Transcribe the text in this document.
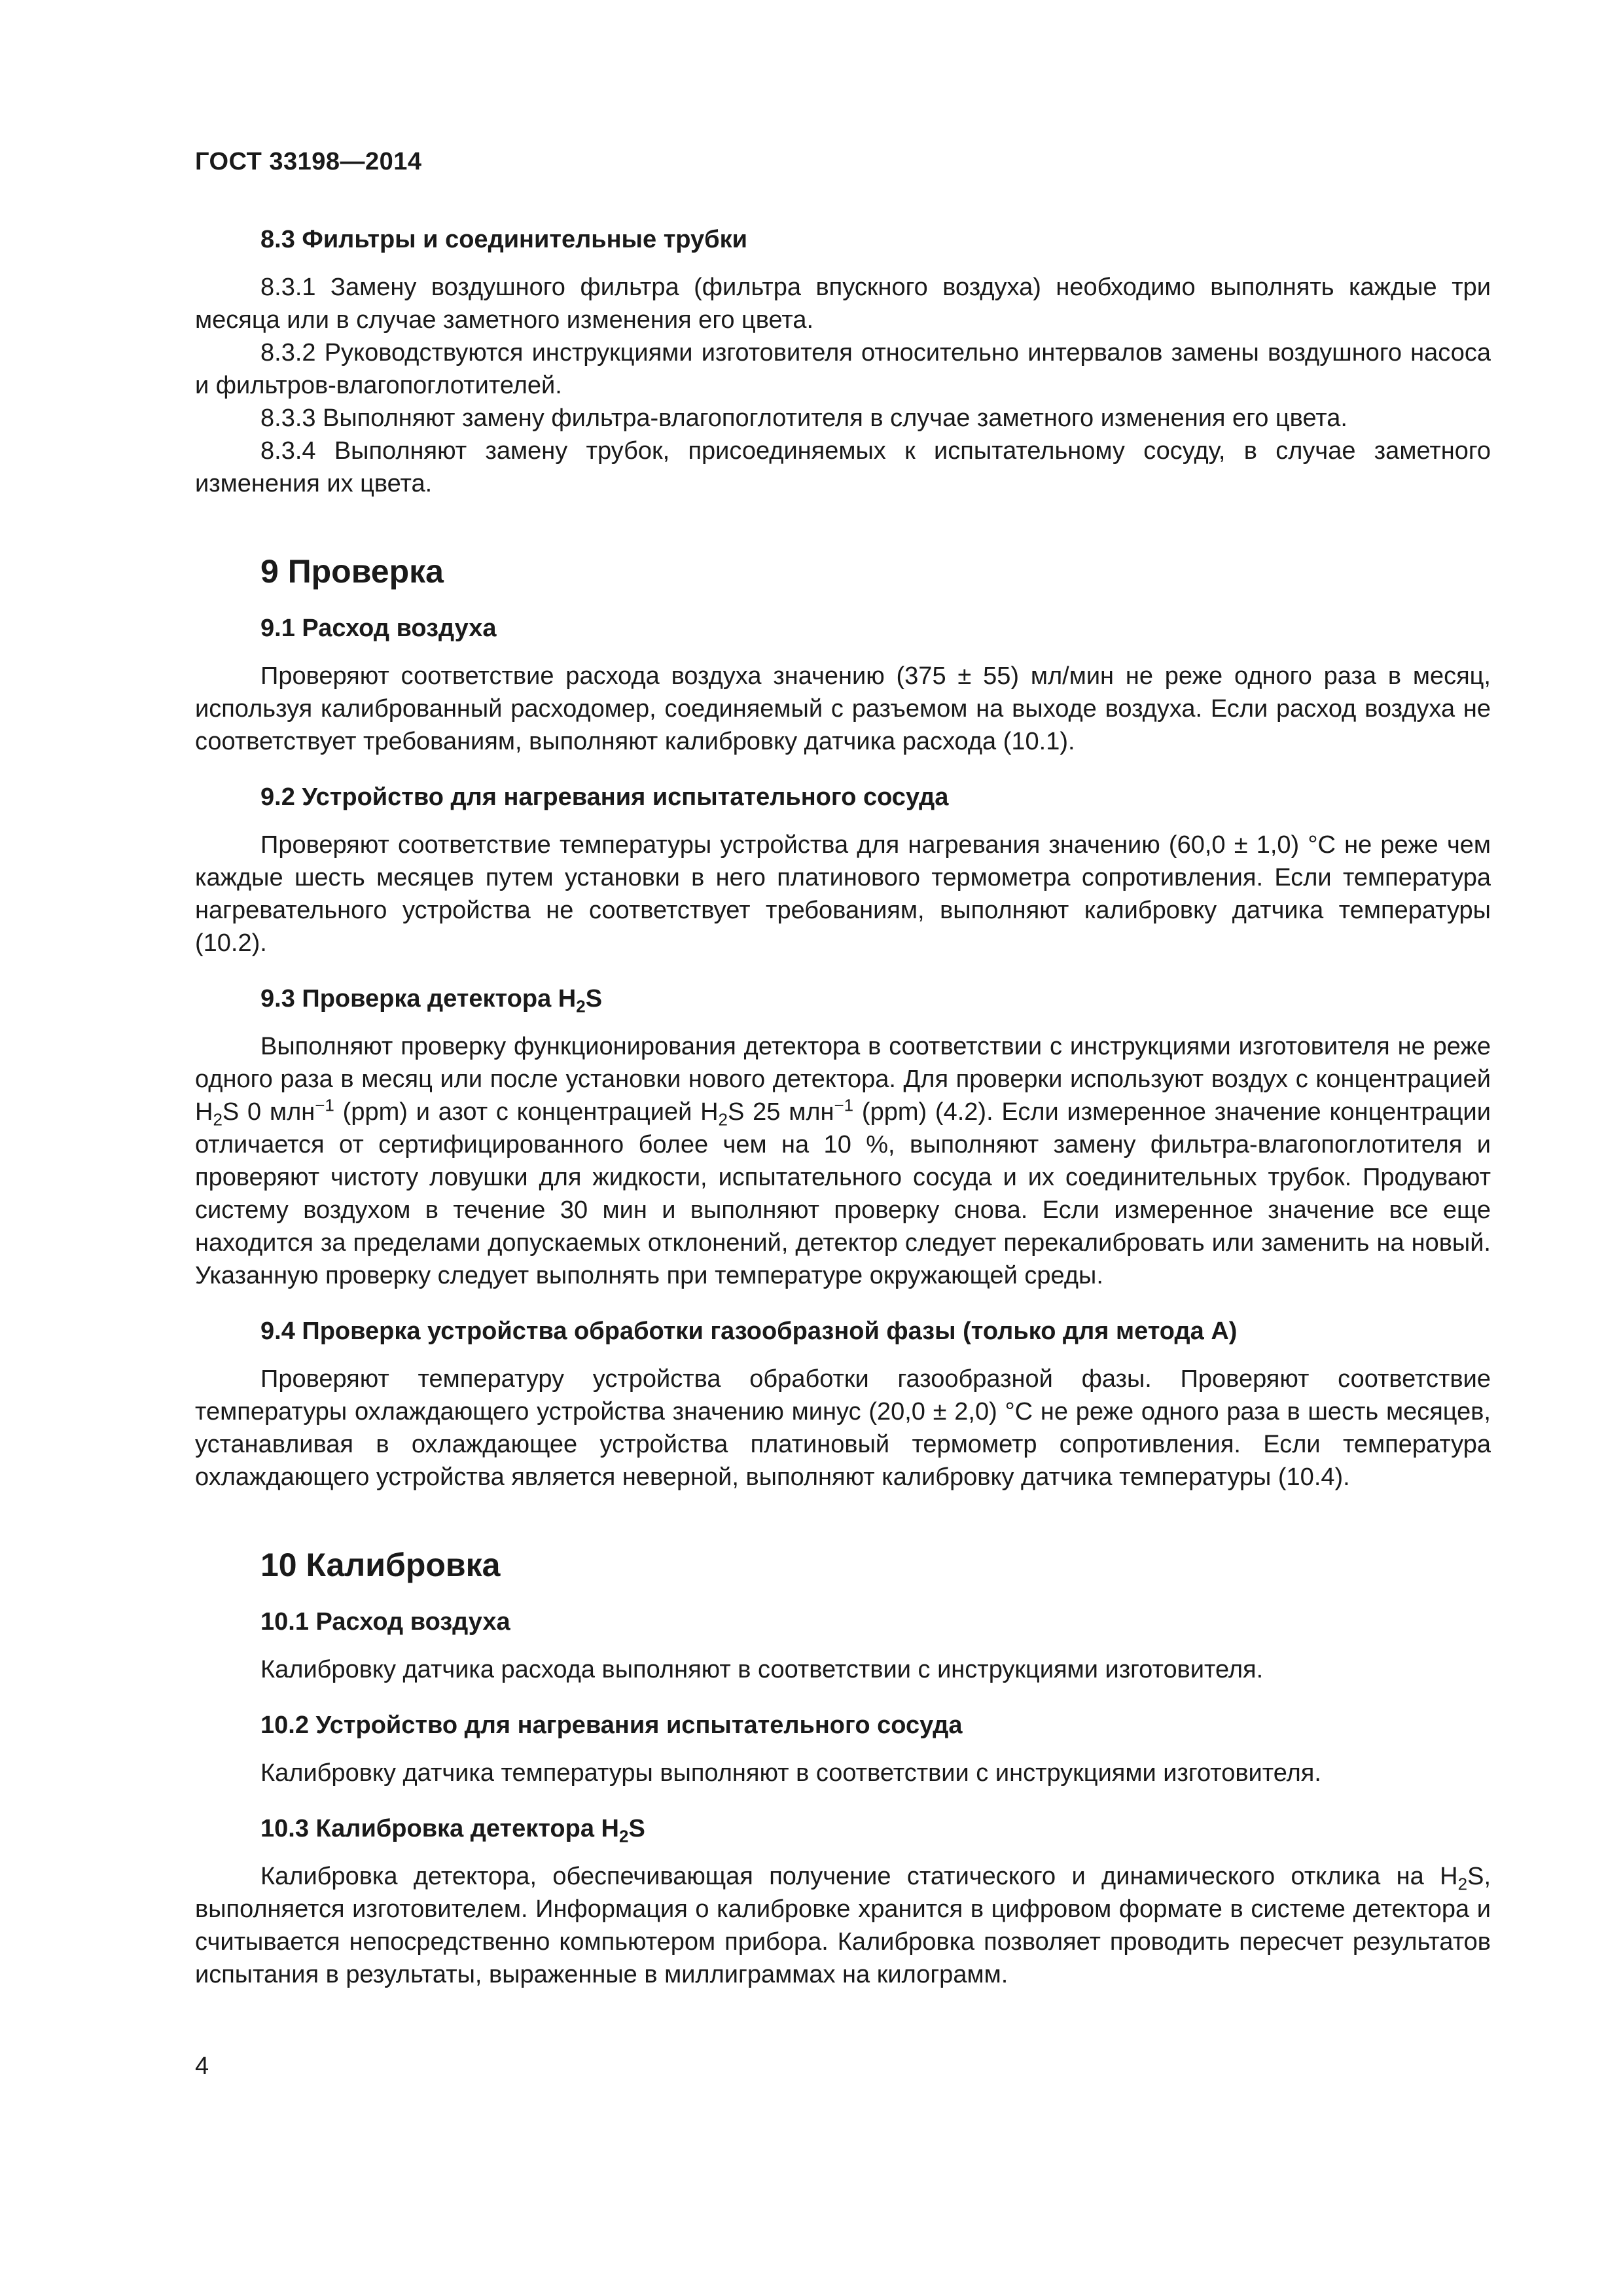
ГОСТ 33198—2014
8.3 Фильтры и соединительные трубки

8.3.1 Замену воздушного фильтра (фильтра впускного воздуха) необходимо выполнять каждые три месяца или в случае заметного изменения его цвета.

8.3.2 Руководствуются инструкциями изготовителя относительно интервалов замены воздушного насоса и фильтров-влагопоглотителей.

8.3.3 Выполняют замену фильтра-влагопоглотителя в случае заметного изменения его цвета.

8.3.4 Выполняют замену трубок, присоединяемых к испытательному сосуду, в случае заметного изменения их цвета.

9 Проверка
9.1 Расход воздуха

Проверяют соответствие расхода воздуха значению (375 ± 55) мл/мин не реже одного раза в месяц, используя калиброванный расходомер, соединяемый с разъемом на выходе воздуха. Если расход воздуха не соответствует требованиям, выполняют калибровку датчика расхода (10.1).

9.2 Устройство для нагревания испытательного сосуда

Проверяют соответствие температуры устройства для нагревания значению (60,0 ± 1,0) °С не реже чем каждые шесть месяцев путем установки в него платинового термометра сопротивления. Если температура нагревательного устройства не соответствует требованиям, выполняют калибровку датчика температуры (10.2).

9.3 Проверка детектора $H_2S$

Выполняют проверку функционирования детектора в соответствии с инструкциями изготовителя не реже одного раза в месяц или после установки нового детектора. Для проверки используют воздух с концентрацией $H_2S$ 0 млн$^{-1}$ (ppm) и азот с концентрацией $H_2S$ 25 млн$^{-1}$ (ppm) (4.2). Если измеренное значение концентрации отличается от сертифицированного более чем на 10 %, выполняют замену фильтра-влагопоглотителя и проверяют чистоту ловушки для жидкости, испытательного сосуда и их соединительных трубок. Продувают систему воздухом в течение 30 мин и выполняют проверку снова. Если измеренное значение все еще находится за пределами допускаемых отклонений, детектор следует перекалибровать или заменить на новый. Указанную проверку следует выполнять при температуре окружающей среды.

9.4 Проверка устройства обработки газообразной фазы (только для метода А)

Проверяют температуру устройства обработки газообразной фазы. Проверяют соответствие температуры охлаждающего устройства значению минус (20,0 ± 2,0) °С не реже одного раза в шесть месяцев, устанавливая в охлаждающее устройства платиновый термометр сопротивления. Если температура охлаждающего устройства является неверной, выполняют калибровку датчика температуры (10.4).

10 Калибровка
10.1 Расход воздуха

Калибровку датчика расхода выполняют в соответствии с инструкциями изготовителя.

10.2 Устройство для нагревания испытательного сосуда

Калибровку датчика температуры выполняют в соответствии с инструкциями изготовителя.

10.3 Калибровка детектора $H_2S$

Калибровка детектора, обеспечивающая получение статического и динамического отклика на $H_2S$, выполняется изготовителем. Информация о калибровке хранится в цифровом формате в системе детектора и считывается непосредственно компьютером прибора. Калибровка позволяет проводить пересчет результатов испытания в результаты, выраженные в миллиграммах на килограмм.

4
